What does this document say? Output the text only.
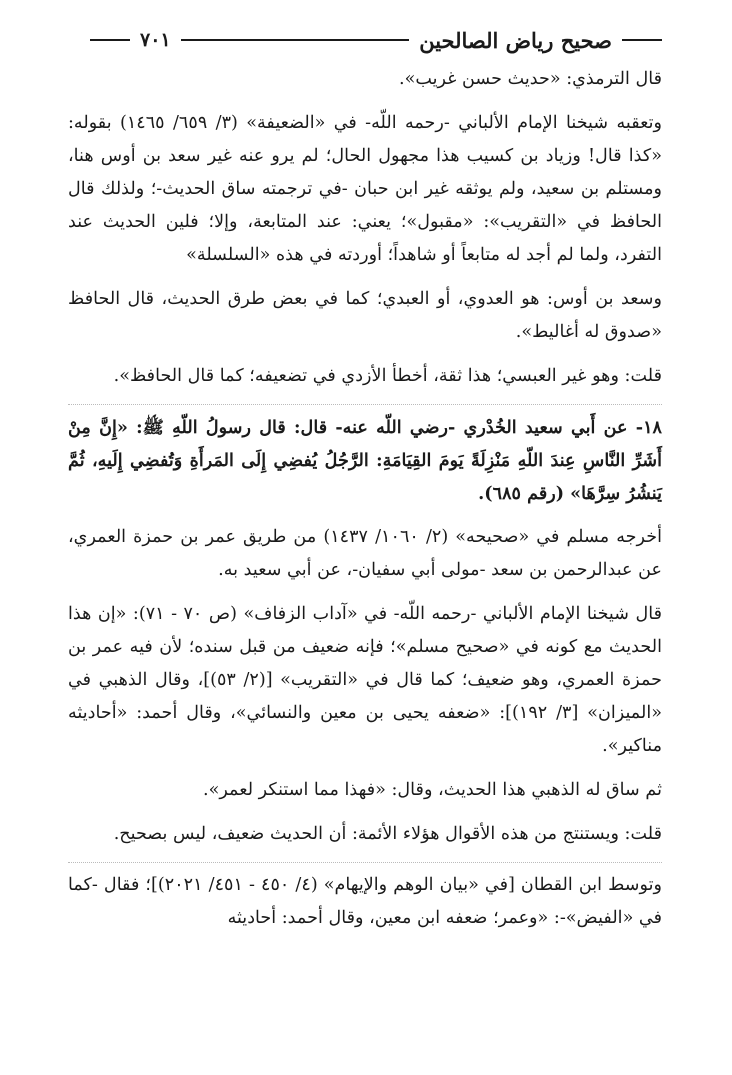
صحيح رياض الصالحين
٧٠١

قال الترمذي: «حديث حسن غريب».

وتعقبه شيخنا الإمام الألباني -رحمه اللّه- في «الضعيفة» (٣/ ٦٥٩/ ١٤٦٥) بقوله: «كذا قال! وزياد بن كسيب هذا مجهول الحال؛ لم يرو عنه غير سعد بن أوس هنا، ومستلم بن سعيد، ولم يوثقه غير ابن حبان -في ترجمته ساق الحديث-؛ ولذلك قال الحافظ في «التقريب»: «مقبول»؛ يعني: عند المتابعة، وإلا؛ فلين الحديث عند التفرد، ولما لم أجد له متابعاً أو شاهداً؛ أوردته في هذه «السلسلة»

وسعد بن أوس: هو العدوي، أو العبدي؛ كما في بعض طرق الحديث، قال الحافظ «صدوق له أغاليط».

قلت: وهو غير العبسي؛ هذا ثقة، أخطأ الأزدي في تضعيفه؛ كما قال الحافظ».

١٨- عن أَبي سعيد الخُدْري -رضي اللّه عنه- قال: قال رسولُ اللّهِ ﷺ: «إِنَّ مِنْ أَشَرِّ النَّاسِ عِندَ اللّهِ مَنْزِلَةً يَومَ القِيَامَةِ: الرَّجُلُ يُفضِي إِلَى المَرأَةِ وَتُفضِي إِلَيهِ، ثُمَّ يَنشُرُ سِرَّهَا» (رقم ٦٨٥).

أخرجه مسلم في «صحيحه» (٢/ ١٠٦٠/ ١٤٣٧) من طريق عمر بن حمزة العمري، عن عبدالرحمن بن سعد -مولى أبي سفيان-، عن أبي سعيد به.

قال شيخنا الإمام الألباني -رحمه اللّه- في «آداب الزفاف» (ص ٧٠ - ٧١): «إن هذا الحديث مع كونه في «صحيح مسلم»؛ فإنه ضعيف من قبل سنده؛ لأن فيه عمر بن حمزة العمري، وهو ضعيف؛ كما قال في «التقريب» [(٢/ ٥٣)]، وقال الذهبي في «الميزان» [٣/ ١٩٢)]: «ضعفه يحيى بن معين والنسائي»، وقال أحمد: «أحاديثه مناكير».

ثم ساق له الذهبي هذا الحديث، وقال: «فهذا مما استنكر لعمر».

قلت: ويستنتج من هذه الأقوال هؤلاء الأئمة: أن الحديث ضعيف، ليس بصحيح.

وتوسط ابن القطان [في «بيان الوهم والإيهام» (٤/ ٤٥٠ - ٤٥١/ ٢٠٢١)]؛ فقال -كما في «الفيض»-: «وعمر؛ ضعفه ابن معين، وقال أحمد: أحاديثه
